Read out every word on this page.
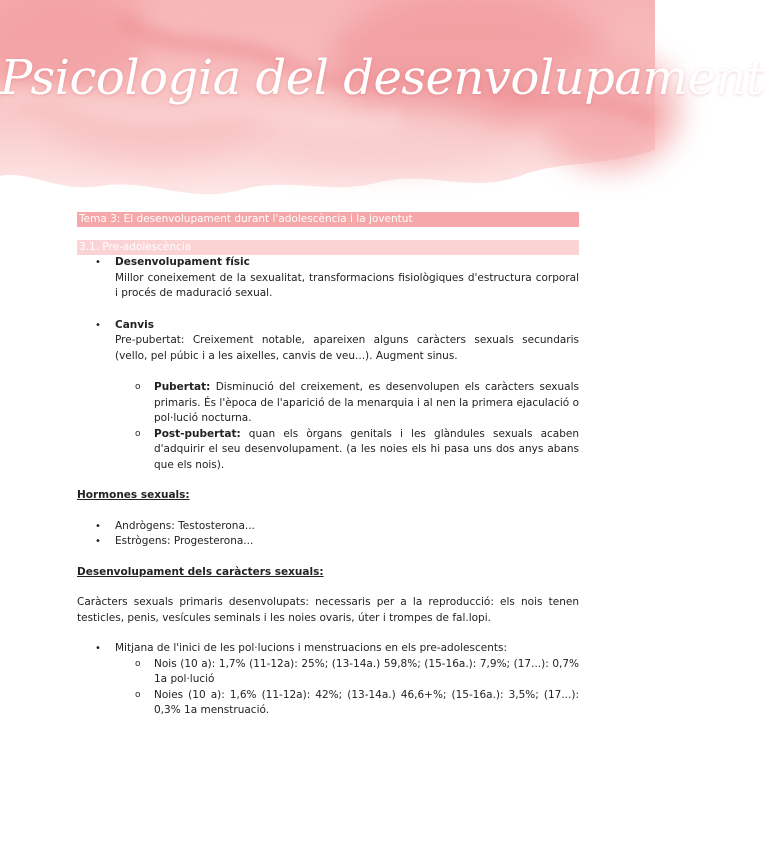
Psicologia del desenvolupament
Tema 3: El desenvolupament durant l'adolescència i la joventut
3.1. Pre-adolescència
• Desenvolupament físic
Millor coneixement de la sexualitat, transformacions fisiològiques d'estructura corporal i procés de maduració sexual.
• Canvis
Pre-pubertat: Creixement notable, apareixen alguns caràcters sexuals secundaris (vello, pel púbic i a les aixelles, canvis de veu...). Augment sinus.
o Pubertat: Disminució del creixement, es desenvolupen els caràcters sexuals primaris. És l'època de l'aparició de la menarquia i al nen la primera ejaculació o pol·lució nocturna.
o Post-pubertat: quan els òrgans genitals i les glàndules sexuals acaben d'adquirir el seu desenvolupament. (a les noies els hi pasa uns dos anys abans que els nois).

Hormones sexuals:

• Andrògens: Testosterona...
• Estrògens: Progesterona...

Desenvolupament dels caràcters sexuals:

Caràcters sexuals primaris desenvolupats: necessaris per a la reproducció: els nois tenen testicles, penis, vesícules seminals i les noies ovaris, úter i trompes de fal.lopi.

• Mitjana de l'inici de les pol·lucions i menstruacions en els pre-adolescents:
o Nois (10 a): 1,7% (11-12a): 25%; (13-14a.) 59,8%; (15-16a.): 7,9%; (17...): 0,7% 1a pol·lució
o Noies (10 a): 1,6% (11-12a): 42%; (13-14a.) 46,6+%; (15-16a.): 3,5%; (17...): 0,3% 1a menstruació.
